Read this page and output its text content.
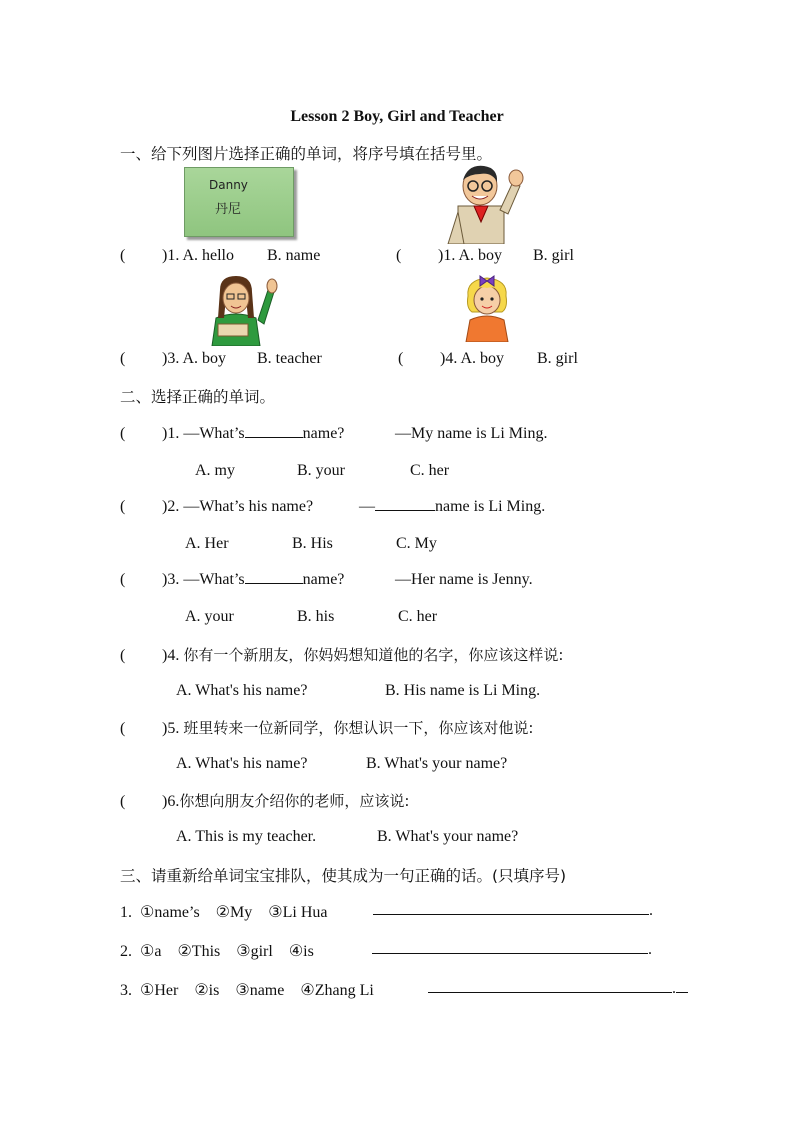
Lesson 2 Boy, Girl and Teacher
一、给下列图片选择正确的单词，将序号填在括号里。
Danny
丹尼
( )1. A. hello B. name	( )1. A. boy B. girl
( )3. A. boy B. teacher	( )4. A. boy B. girl
二、选择正确的单词。
( )1. —What’s	name?	—My name is Li Ming.
A. my	B. your	C. her
( )2. —What’s his name?	—	name is Li Ming.
A. Her	B. His	C. My
( )3. —What’s	name?	—Her name is Jenny.
A. your	B. his	C. her
( )4. 你有一个新朋友，你妈妈想知道他的名字，你应该这样说:
A. What's his name?	B. His name is Li Ming.
( )5. 班里转来一位新同学，你想认识一下，你应该对他说:
A. What's his name?	B. What's your name?
( )6.你想向朋友介绍你的老师，应该说:
A. This is my teacher.	B. What's your name?
三、请重新给单词宝宝排队，使其成为一句正确的话。(只填序号)
1. ①name’s ②My ③Li Hua	.
2. ①a ②This ③girl ④is	.
3. ①Her ②is ③name ④Zhang Li	.
